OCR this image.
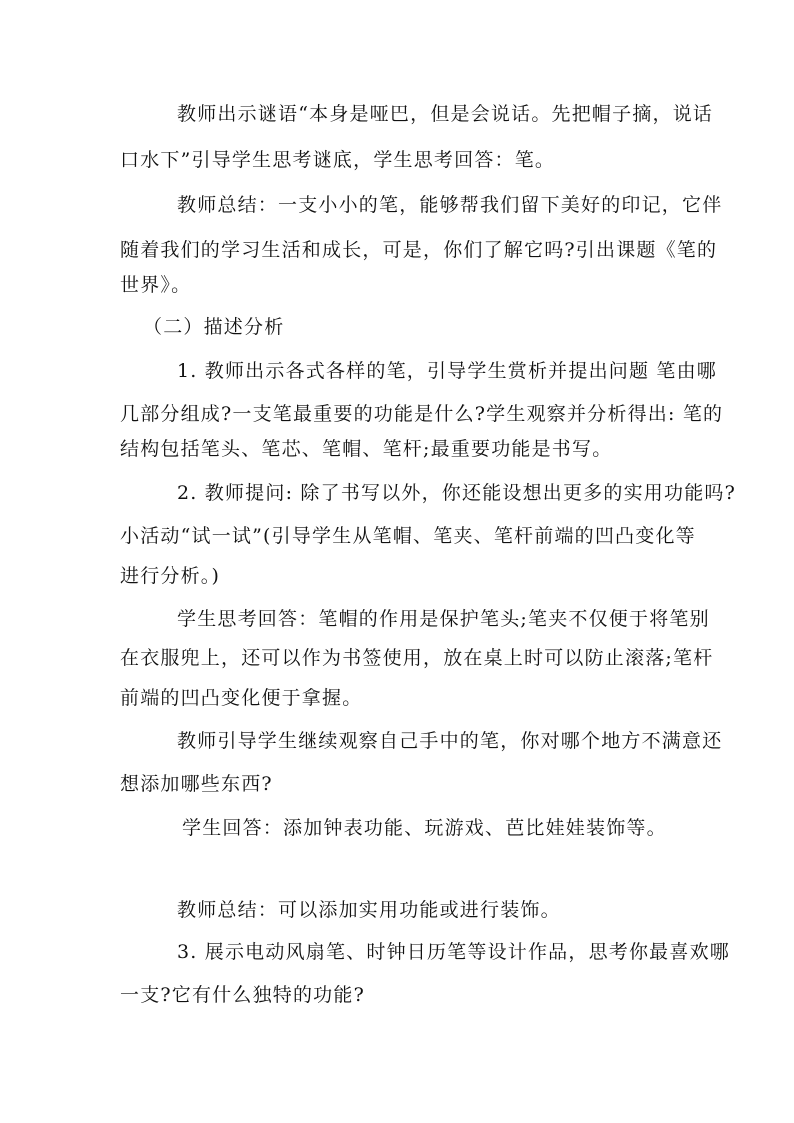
教师出示谜语“本身是哑巴，但是会说话。先把帽子摘，说话
口水下”引导学生思考谜底，学生思考回答：笔。
教师总结：一支小小的笔，能够帮我们留下美好的印记，它伴
随着我们的学习生活和成长，可是，你们了解它吗?引出课题《笔的
世界》。
（二）描述分析
1. 教师出示各式各样的笔，引导学生赏析并提出问题 笔由哪
几部分组成?一支笔最重要的功能是什么?学生观察并分析得出: 笔的
结构包括笔头、笔芯、笔帽、笔杆;最重要功能是书写。
2. 教师提问: 除了书写以外，你还能设想出更多的实用功能吗?
小活动“试一试”(引导学生从笔帽、笔夹、笔杆前端的凹凸变化等
进行分析。)
学生思考回答：笔帽的作用是保护笔头;笔夹不仅便于将笔别
在衣服兜上，还可以作为书签使用，放在桌上时可以防止滚落;笔杆
前端的凹凸变化便于拿握。
教师引导学生继续观察自己手中的笔，你对哪个地方不满意还
想添加哪些东西?
学生回答：添加钟表功能、玩游戏、芭比娃娃装饰等。
教师总结：可以添加实用功能或进行装饰。
3. 展示电动风扇笔、时钟日历笔等设计作品，思考你最喜欢哪
一支?它有什么独特的功能?
